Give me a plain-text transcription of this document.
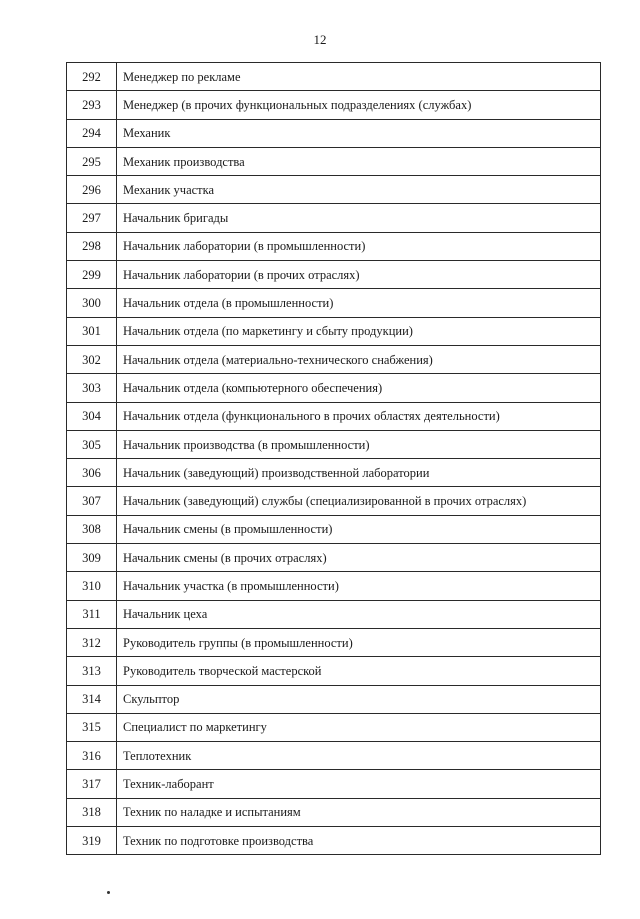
12
292	Менеджер по рекламе
293	Менеджер (в прочих функциональных подразделениях (службах)
294	Механик
295	Механик производства
296	Механик участка
297	Начальник бригады
298	Начальник лаборатории (в промышленности)
299	Начальник лаборатории (в прочих отраслях)
300	Начальник отдела (в промышленности)
301	Начальник отдела (по маркетингу и сбыту продукции)
302	Начальник отдела (материально-технического снабжения)
303	Начальник отдела (компьютерного обеспечения)
304	Начальник отдела (функционального в прочих областях деятельности)
305	Начальник производства (в промышленности)
306	Начальник (заведующий) производственной лаборатории
307	Начальник (заведующий) службы (специализированной в прочих отраслях)
308	Начальник смены (в промышленности)
309	Начальник смены (в прочих отраслях)
310	Начальник участка (в промышленности)
311	Начальник цеха
312	Руководитель группы (в промышленности)
313	Руководитель творческой мастерской
314	Скульптор
315	Специалист по маркетингу
316	Теплотехник
317	Техник-лаборант
318	Техник по наладке и испытаниям
319	Техник по подготовке производства
